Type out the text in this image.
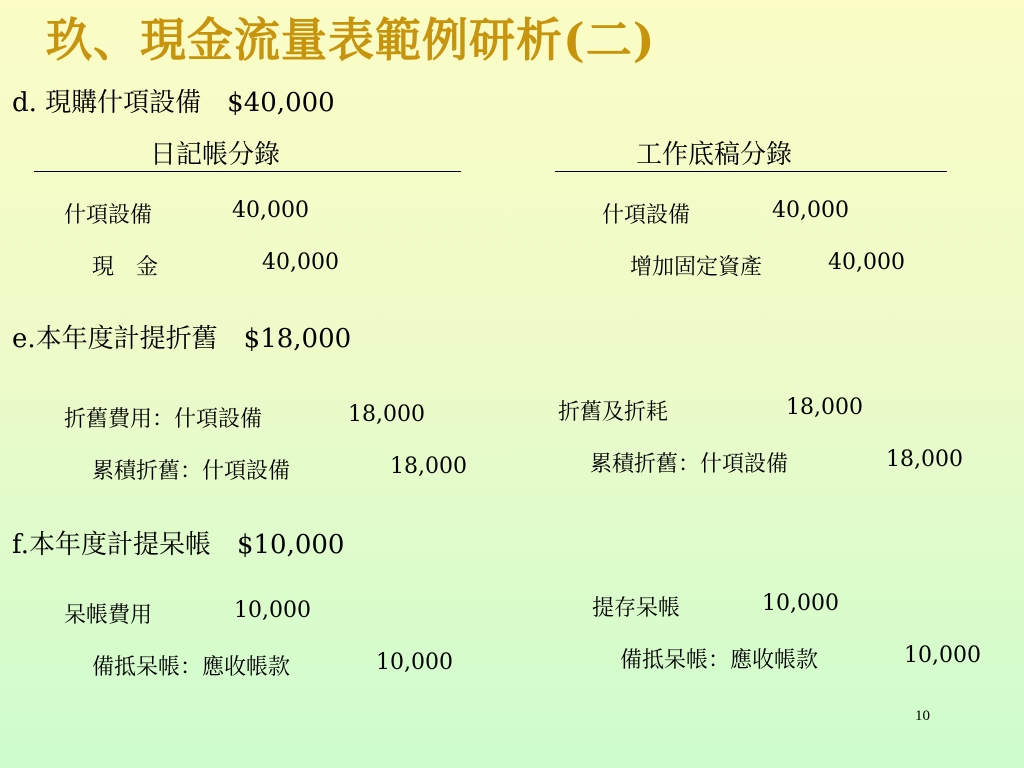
玖、現金流量表範例研析(二)
d. 現購什項設備　$40,000
日記帳分錄	工作底稿分錄
什項設備	40,000
現　金	40,000
什項設備	40,000
增加固定資產	40,000
e.本年度計提折舊　$18,000
折舊費用：什項設備	18,000
累積折舊：什項設備	18,000
折舊及折耗	18,000
累積折舊：什項設備	18,000
f.本年度計提呆帳　$10,000
呆帳費用	10,000
備抵呆帳：應收帳款	10,000
提存呆帳	10,000
備抵呆帳：應收帳款	10,000
10
